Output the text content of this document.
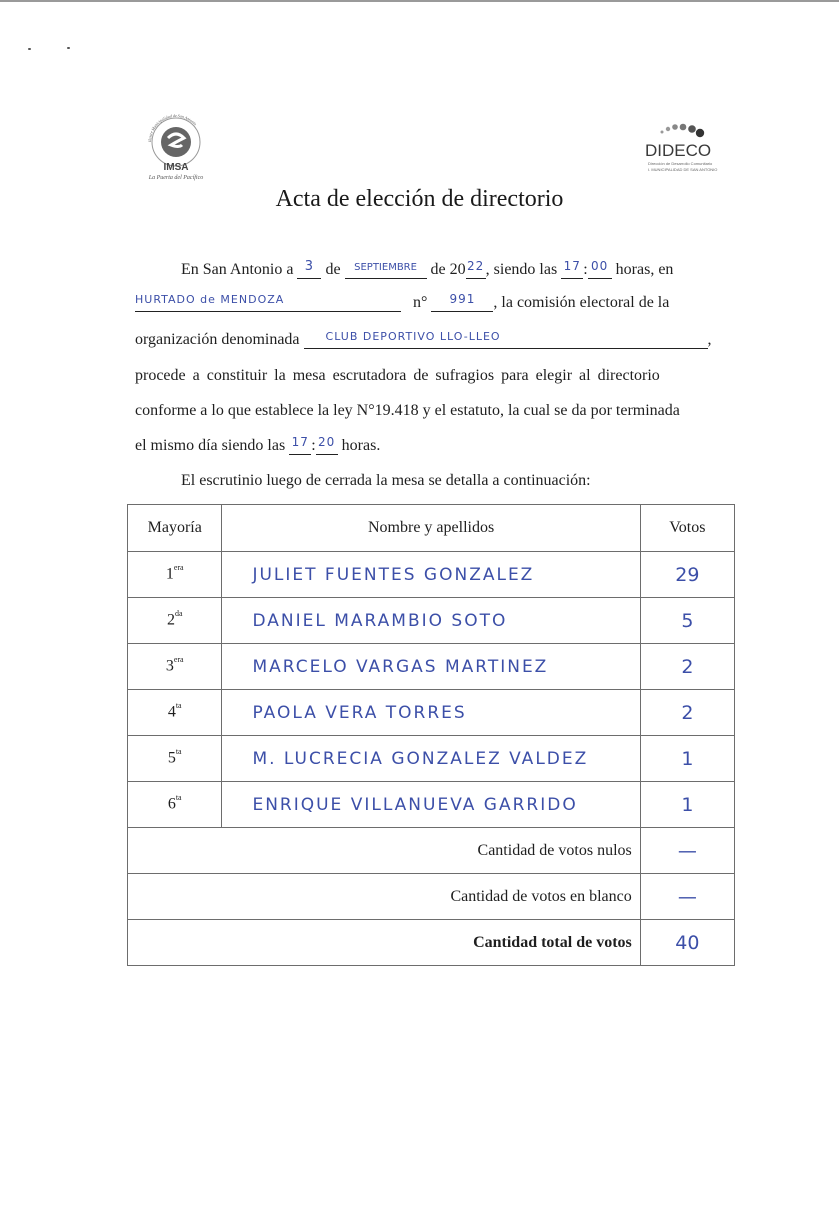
Ilustre Municipalidad de San Antonio
IMSA
La Puerta del Pacífico
DIDECO
Dirección de Desarrollo Comunitario
I. MUNICIPALIDAD DE SAN ANTONIO
Acta de elección de directorio
En San Antonio a $^3$ de $^{SEPTIEMBRE}$ de $20^{22}$, siendo las $^{17}$ : $^{00}$ horas, en
$^{HURTADO de MENDOZA}$	n° $^{991}$ , la comisión electoral de la
organización denominada $^{CLUB DEPORTIVO LLO-LLEO}$	,
procede a constituir la mesa escrutadora de sufragios para elegir al directorio
conforme a lo que establece la ley N°19.418 y el estatuto, la cual se da por terminada
el mismo día siendo las $^{17}$ : $^{20}$ horas.
El escrutinio luego de cerrada la mesa se detalla a continuación:
Mayoría	Nombre y apellidos	Votos
$1^{era}$	JULIET FUENTES GONZALEZ	29
$2^{da}$	DANIEL MARAMBIO SOTO	5
$3^{era}$	MARCELO VARGAS MARTINEZ	2
$4^{ta}$	PAOLA VERA TORRES	2
$5^{ta}$	M. LUCRECIA GONZALEZ VALDEZ	1
$6^{ta}$	ENRIQUE VILLANUEVA GARRIDO	1
Cantidad de votos nulos		—
Cantidad de votos en blanco		—
Cantidad total de votos		40
